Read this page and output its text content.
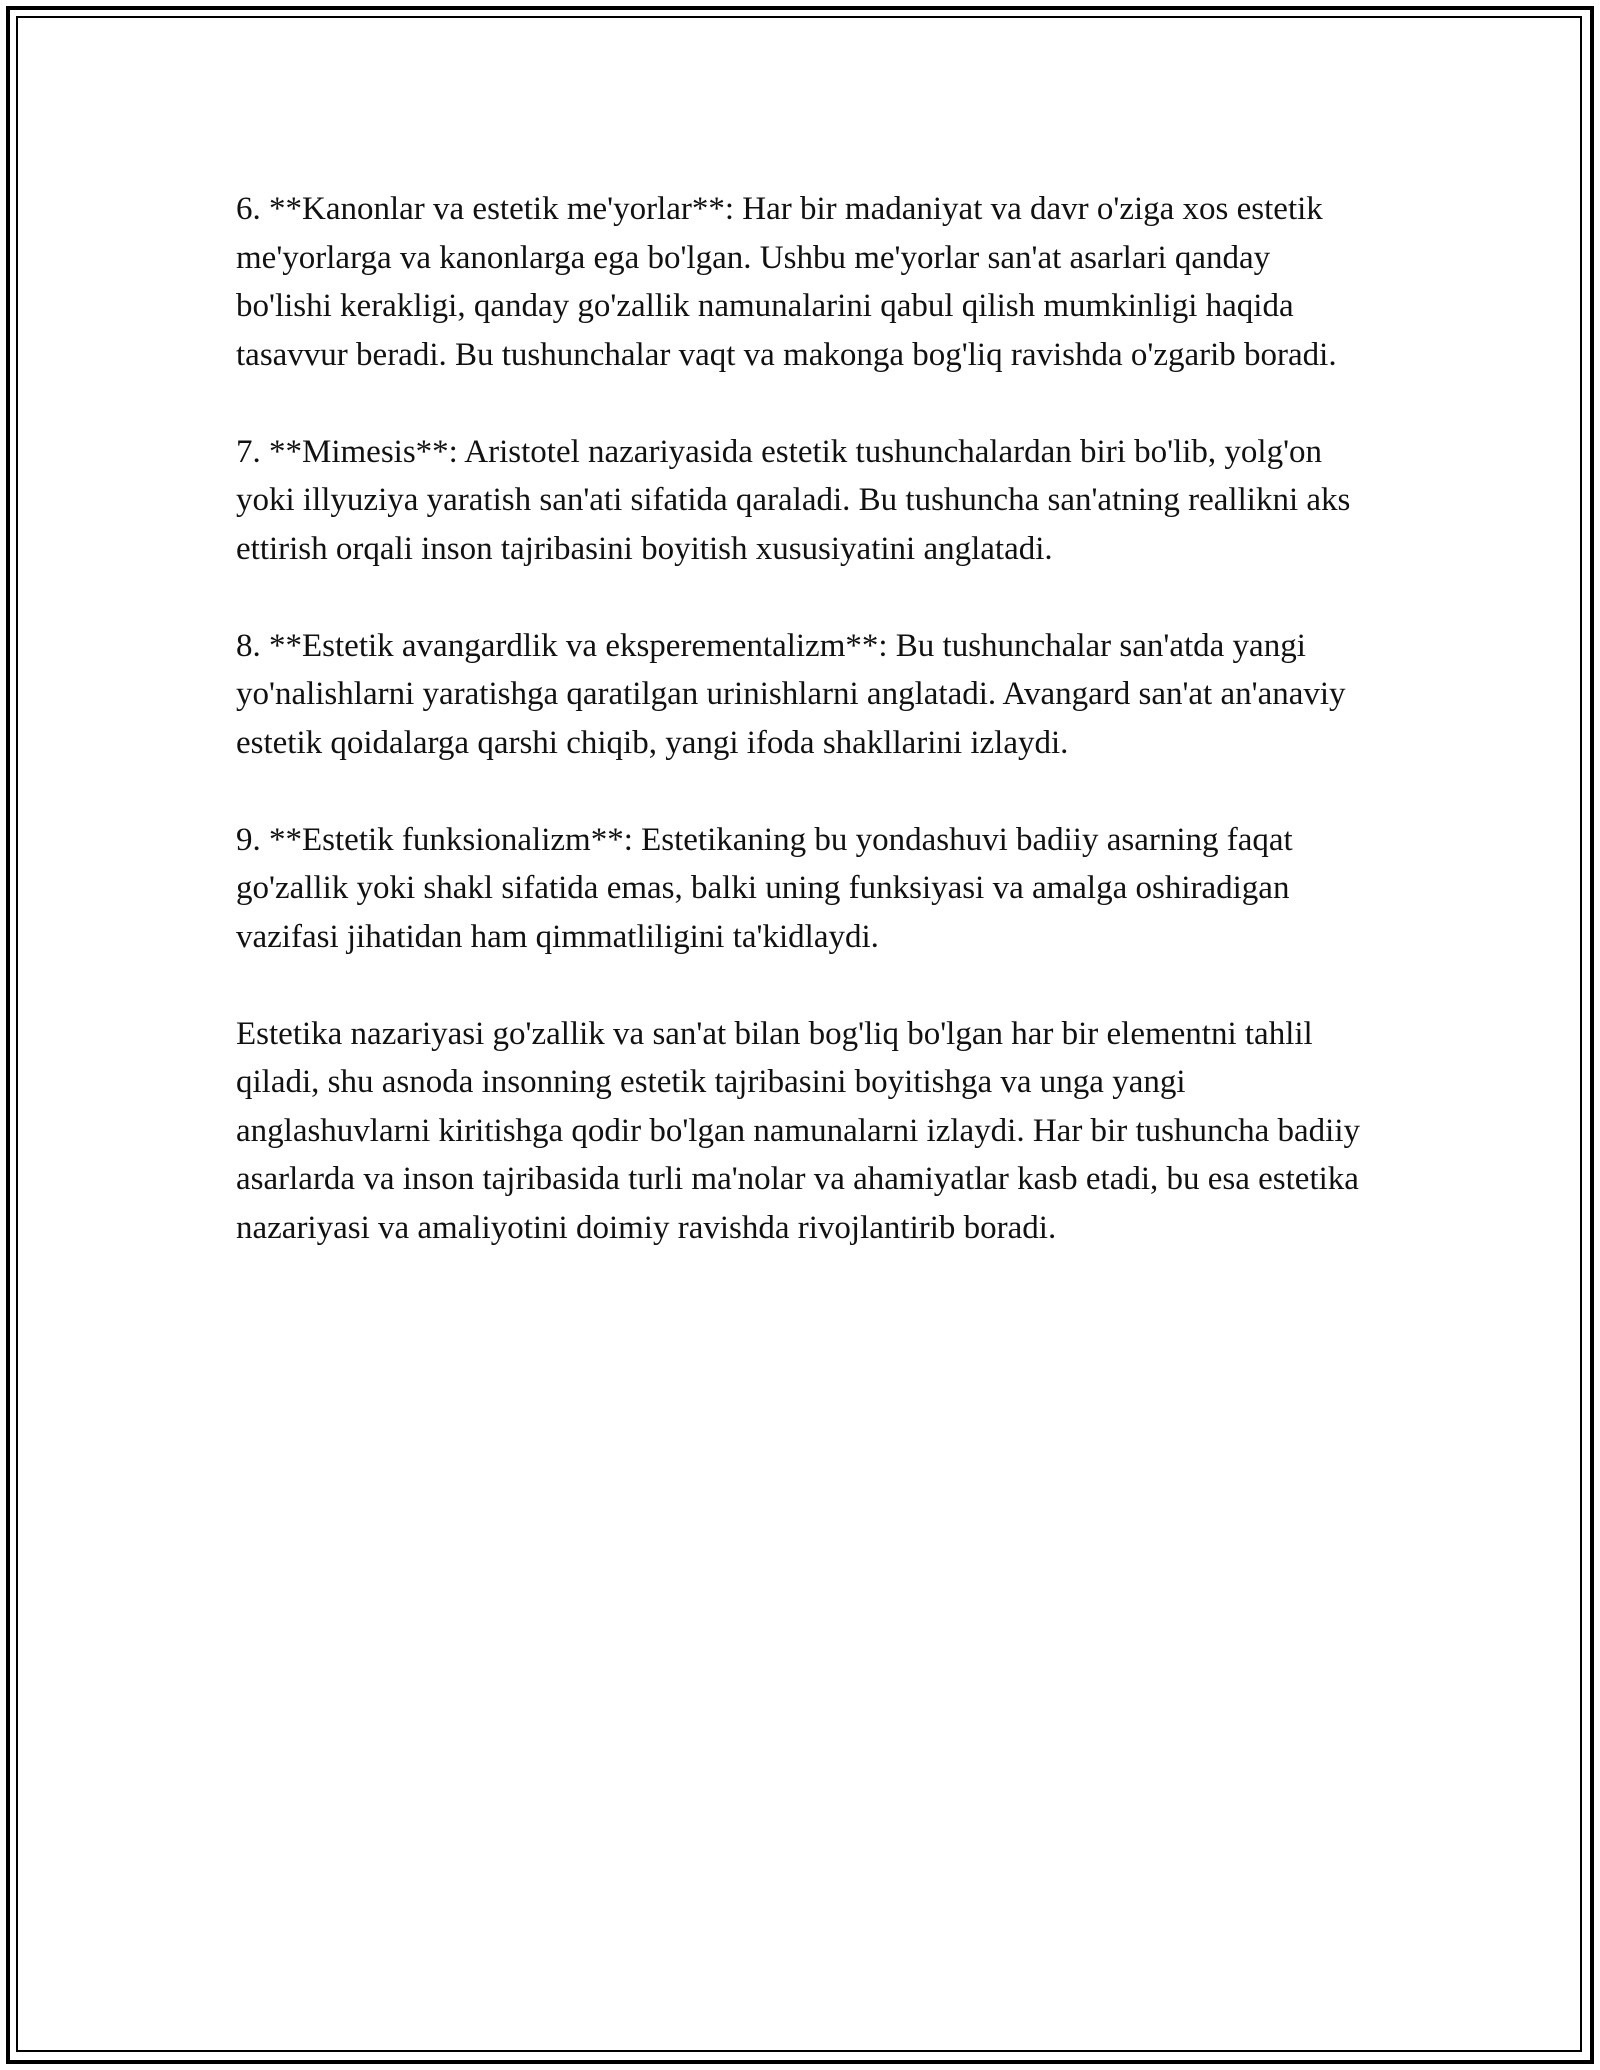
6. **Kanonlar va estetik me'yorlar**: Har bir madaniyat va davr o'ziga xos estetik me'yorlarga va kanonlarga ega bo'lgan. Ushbu me'yorlar san'at asarlari qanday bo'lishi kerakligi, qanday go'zallik namunalarini qabul qilish mumkinligi haqida tasavvur beradi. Bu tushunchalar vaqt va makonga bog'liq ravishda o'zgarib boradi.

7. **Mimesis**: Aristotel nazariyasida estetik tushunchalardan biri bo'lib, yolg'on yoki illyuziya yaratish san'ati sifatida qaraladi. Bu tushuncha san'atning reallikni aks ettirish orqali inson tajribasini boyitish xususiyatini anglatadi.

8. **Estetik avangardlik va eksperementalizm**: Bu tushunchalar san'atda yangi yo'nalishlarni yaratishga qaratilgan urinishlarni anglatadi. Avangard san'at an'anaviy estetik qoidalarga qarshi chiqib, yangi ifoda shakllarini izlaydi.

9. **Estetik funksionalizm**: Estetikaning bu yondashuvi badiiy asarning faqat go'zallik yoki shakl sifatida emas, balki uning funksiyasi va amalga oshiradigan vazifasi jihatidan ham qimmatliligini ta'kidlaydi.

Estetika nazariyasi go'zallik va san'at bilan bog'liq bo'lgan har bir elementni tahlil qiladi, shu asnoda insonning estetik tajribasini boyitishga va unga yangi anglashuvlarni kiritishga qodir bo'lgan namunalarni izlaydi. Har bir tushuncha badiiy asarlarda va inson tajribasida turli ma'nolar va ahamiyatlar kasb etadi, bu esa estetika nazariyasi va amaliyotini doimiy ravishda rivojlantirib boradi.
